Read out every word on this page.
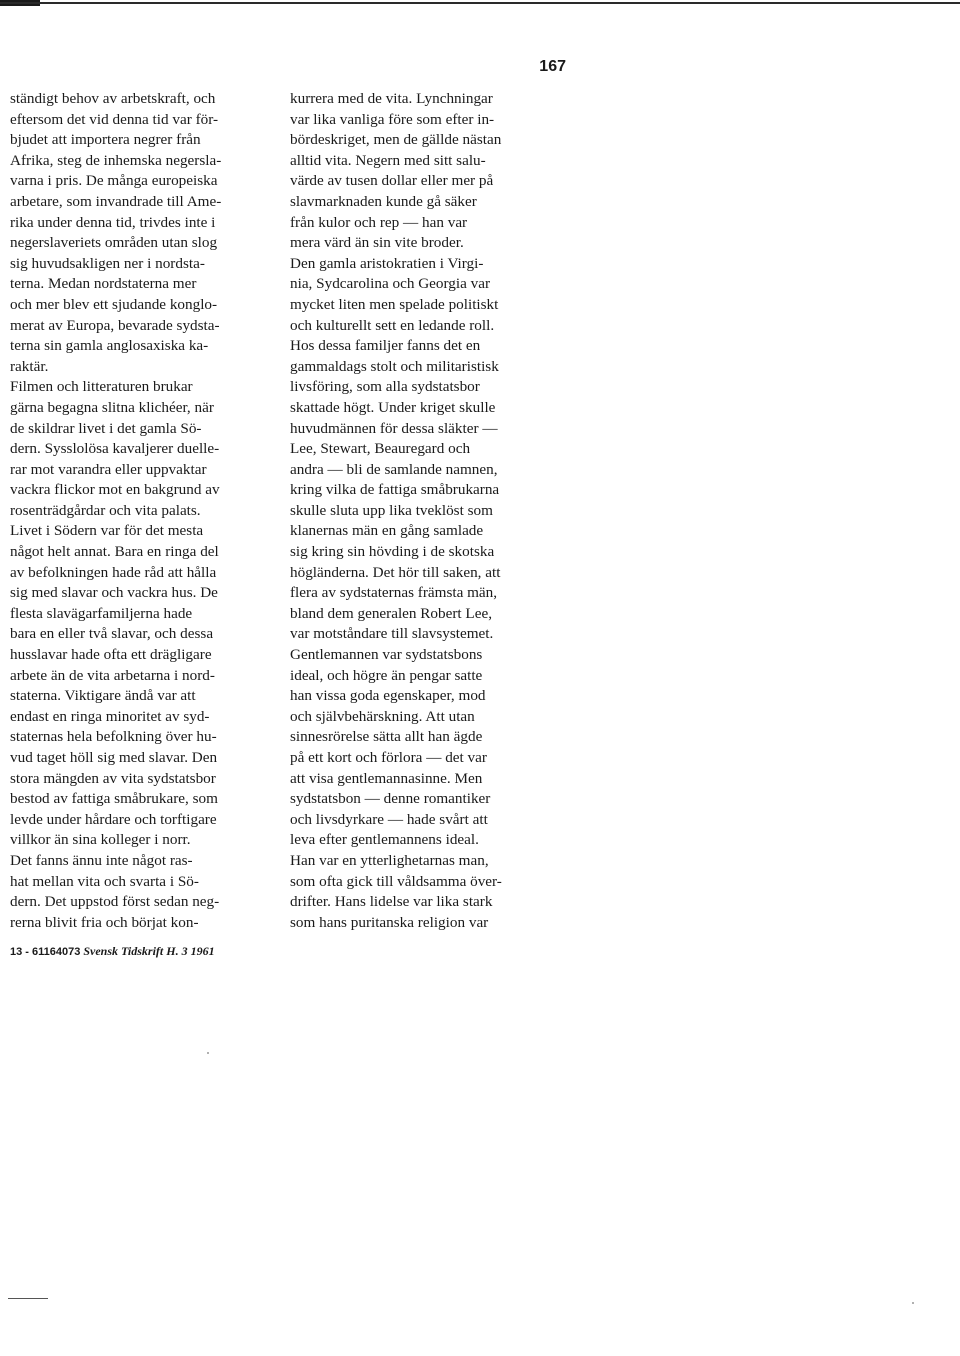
167
ständigt behov av arbetskraft, och
eftersom det vid denna tid var för-
bjudet att importera negrer från
Afrika, steg de inhemska negersla-
varna i pris. De många europeiska
arbetare, som invandrade till Ame-
rika under denna tid, trivdes inte i
negerslaveriets områden utan slog
sig huvudsakligen ner i nordsta-
terna. Medan nordstaterna mer
och mer blev ett sjudande konglo-
merat av Europa, bevarade sydsta-
terna sin gamla anglosaxiska ka-
raktär.
Filmen och litteraturen brukar
gärna begagna slitna klichéer, när
de skildrar livet i det gamla Sö-
dern. Sysslolösa kavaljerer duelle-
rar mot varandra eller uppvaktar
vackra flickor mot en bakgrund av
rosenträdgårdar och vita palats.
Livet i Södern var för det mesta
något helt annat. Bara en ringa del
av befolkningen hade råd att hålla
sig med slavar och vackra hus. De
flesta slavägarfamiljerna hade
bara en eller två slavar, och dessa
husslavar hade ofta ett drägligare
arbete än de vita arbetarna i nord-
staterna. Viktigare ändå var att
endast en ringa minoritet av syd-
staternas hela befolkning över hu-
vud taget höll sig med slavar. Den
stora mängden av vita sydstatsbor
bestod av fattiga småbrukare, som
levde under hårdare och torftigare
villkor än sina kolleger i norr.
Det fanns ännu inte något ras-
hat mellan vita och svarta i Sö-
dern. Det uppstod först sedan neg-
rerna blivit fria och börjat kon-
kurrera med de vita. Lynchningar
var lika vanliga före som efter in-
bördeskriget, men de gällde nästan
alltid vita. Negern med sitt salu-
värde av tusen dollar eller mer på
slavmarknaden kunde gå säker
från kulor och rep — han var
mera värd än sin vite broder.
Den gamla aristokratien i Virgi-
nia, Sydcarolina och Georgia var
mycket liten men spelade politiskt
och kulturellt sett en ledande roll.
Hos dessa familjer fanns det en
gammaldags stolt och militaristisk
livsföring, som alla sydstatsbor
skattade högt. Under kriget skulle
huvudmännen för dessa släkter —
Lee, Stewart, Beauregard och
andra — bli de samlande namnen,
kring vilka de fattiga småbrukarna
skulle sluta upp lika tveklöst som
klanernas män en gång samlade
sig kring sin hövding i de skotska
högländerna. Det hör till saken, att
flera av sydstaternas främsta män,
bland dem generalen Robert Lee,
var motståndare till slavsystemet.
Gentlemannen var sydstatsbons
ideal, och högre än pengar satte
han vissa goda egenskaper, mod
och självbehärskning. Att utan
sinnesrörelse sätta allt han ägde
på ett kort och förlora — det var
att visa gentlemannasinne. Men
sydstatsbon — denne romantiker
och livsdyrkare — hade svårt att
leva efter gentlemannens ideal.
Han var en ytterlighetarnas man,
som ofta gick till våldsamma över-
drifter. Hans lidelse var lika stark
som hans puritanska religion var
13 - 61164073 Svensk Tidskrift H. 3 1961
